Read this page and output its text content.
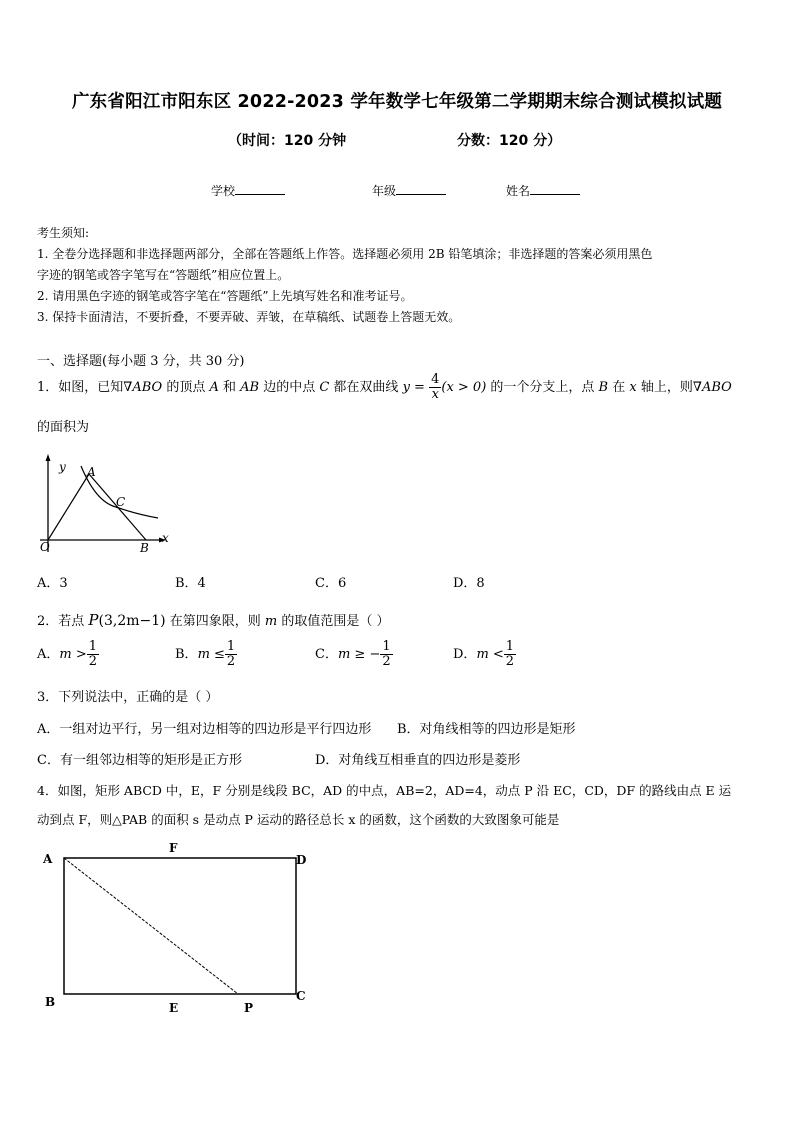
广东省阳江市阳东区 2022-2023 学年数学七年级第二学期期末综合测试模拟试题
（时间：120 分钟	分数：120 分）
学校	年级	姓名
考生须知:
1. 全卷分选择题和非选择题两部分，全部在答题纸上作答。选择题必须用 2B 铅笔填涂；非选择题的答案必须用黑色
字迹的钢笔或答字笔写在“答题纸”相应位置上。
2. 请用黑色字迹的钢笔或答字笔在“答题纸”上先填写姓名和准考证号。
3. 保持卡面清洁，不要折叠，不要弄破、弄皱，在草稿纸、试题卷上答题无效。
一、选择题(每小题 3 分，共 30 分)
1．如图，已知∇ABO 的顶点 A 和 AB 边的中点 C 都在双曲线 $y = \frac{4}{x} (x > 0)$ 的一个分支上，点 B 在 x 轴上，则∇ABO
的面积为
y A
C
O	B
x
A．3	B．4	C．6	D．8
2．若点 P(3,2m−1) 在第四象限，则 m 的取值范围是（ ）
A．$m > \frac{1}{2}$	B．$m \le \frac{1}{2}$	C．m ≥ − $\frac{1}{2}$	D．$m < \frac{1}{2}$
3．下列说法中，正确的是（ ）
A．一组对边平行，另一组对边相等的四边形是平行四边形 B．对角线相等的四边形是矩形
C．有一组邻边相等的矩形是正方形	D．对角线互相垂直的四边形是菱形
4．如图，矩形 ABCD 中，E，F 分别是线段 BC，AD 的中点，AB=2，AD=4，动点 P 沿 EC，CD，DF 的路线由点 E 运
动到点 F，则△PAB 的面积 s 是动点 P 运动的路径总长 x 的函数，这个函数的大致图象可能是
A
F
D
B	E	P
C
